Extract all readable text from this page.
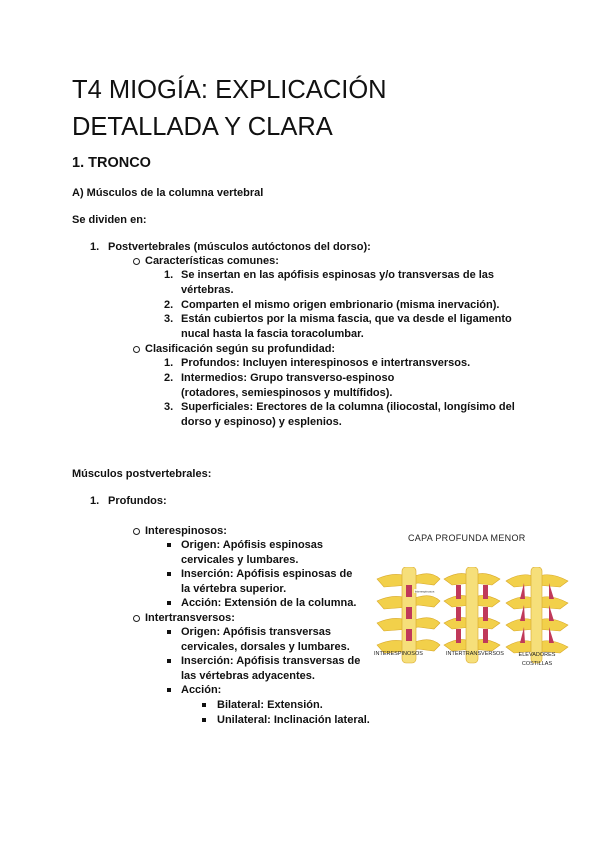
T4 MIOGÍA: EXPLICACIÓN DETALLADA Y CLARA
1. TRONCO
A) Músculos de la columna vertebral
Se dividen en:
1. Postvertebrales (músculos autóctonos del dorso):
Características comunes:
1. Se insertan en las apófisis espinosas y/o transversas de las vértebras.
2. Comparten el mismo origen embrionario (misma inervación).
3. Están cubiertos por la misma fascia, que va desde el ligamento nucal hasta la fascia toracolumbar.
Clasificación según su profundidad:
1. Profundos: Incluyen interespinosos e intertransversos.
2. Intermedios: Grupo transverso-espinoso (rotadores, semiespinosos y multífidos).
3. Superficiales: Erectores de la columna (iliocostal, longísimo del dorso y espinoso) y esplenios.
Músculos postvertebrales:
1. Profundos:
Interespinosos:
Origen: Apófisis espinosas cervicales y lumbares.
Inserción: Apófisis espinosas de la vértebra superior.
Acción: Extensión de la columna.
Intertransversos:
Origen: Apófisis transversas cervicales, dorsales y lumbares.
Inserción: Apófisis transversas de las vértebras adyacentes.
Acción:
Bilateral: Extensión.
Unilateral: Inclinación lateral.
CAPA PROFUNDA MENOR
interespinosos
INTERESPINOSOS	INTERTRANSVERSOS	ELEVADORES COSTILLAS
